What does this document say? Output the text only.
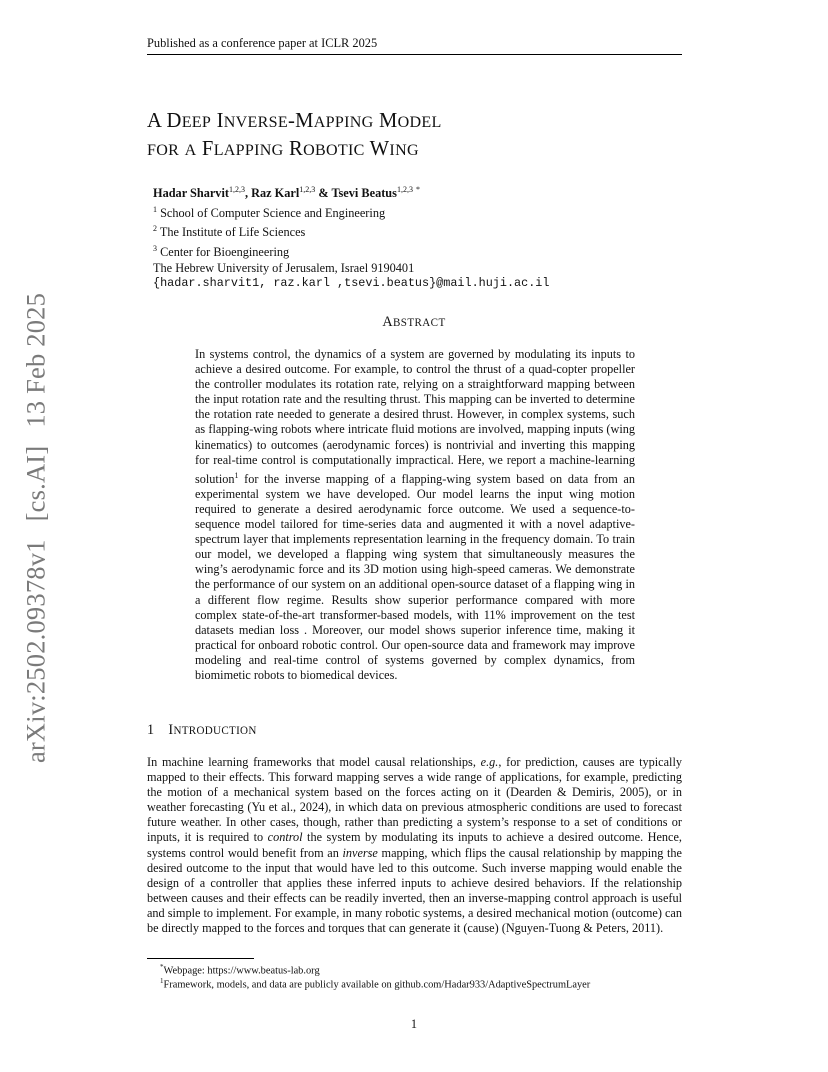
Published as a conference paper at ICLR 2025
arXiv:2502.09378v1[cs.AI]13 Feb 2025
A DEEP INVERSE-MAPPING MODEL
FOR A FLAPPING ROBOTIC WING
Hadar Sharvit$^{1,2,3}$, Raz Karl$^{1,2,3}$ & Tsevi Beatus$^{1,2,3}$ *
$^1$ School of Computer Science and Engineering
$^2$ The Institute of Life Sciences
$^3$ Center for Bioengineering
The Hebrew University of Jerusalem, Israel 9190401
{hadar.sharvit1, raz.karl ,tsevi.beatus}@mail.huji.ac.il
ABSTRACT
In systems control, the dynamics of a system are governed by modulating its inputs to achieve a desired outcome. For example, to control the thrust of a quad-copter propeller the controller modulates its rotation rate, relying on a straightforward mapping between the input rotation rate and the resulting thrust. This mapping can be inverted to determine the rotation rate needed to generate a desired thrust. However, in complex systems, such as flapping-wing robots where intricate fluid motions are involved, mapping inputs (wing kinematics) to outcomes (aerodynamic forces) is nontrivial and inverting this mapping for real-time control is computationally impractical. Here, we report a machine-learning solution$^1$ for the inverse mapping of a flapping-wing system based on data from an experimental system we have developed. Our model learns the input wing motion required to generate a desired aerodynamic force outcome. We used a sequence-to-sequence model tailored for time-series data and augmented it with a novel adaptive-spectrum layer that implements representation learning in the frequency domain. To train our model, we developed a flapping wing system that simultaneously measures the wing’s aerodynamic force and its 3D motion using high-speed cameras. We demonstrate the performance of our system on an additional open-source dataset of a flapping wing in a different flow regime. Results show superior performance compared with more complex state-of-the-art transformer-based models, with 11% improvement on the test datasets median loss . Moreover, our model shows superior inference time, making it practical for onboard robotic control. Our open-source data and framework may improve modeling and real-time control of systems governed by complex dynamics, from biomimetic robots to biomedical devices.
1 INTRODUCTION
In machine learning frameworks that model causal relationships, e.g., for prediction, causes are typically mapped to their effects. This forward mapping serves a wide range of applications, for example, predicting the motion of a mechanical system based on the forces acting on it (Dearden & Demiris, 2005), or in weather forecasting (Yu et al., 2024), in which data on previous atmospheric conditions are used to forecast future weather. In other cases, though, rather than predicting a system’s response to a set of conditions or inputs, it is required to control the system by modulating its inputs to achieve a desired outcome. Hence, systems control would benefit from an inverse mapping, which flips the causal relationship by mapping the desired outcome to the input that would have led to this outcome. Such inverse mapping would enable the design of a controller that applies these inferred inputs to achieve desired behaviors. If the relationship between causes and their effects can be readily inverted, then an inverse-mapping control approach is useful and simple to implement. For example, in many robotic systems, a desired mechanical motion (outcome) can be directly mapped to the forces and torques that can generate it (cause) (Nguyen-Tuong & Peters, 2011).
*Webpage: https://www.beatus-lab.org
$^1$Framework, models, and data are publicly available on github.com/Hadar933/AdaptiveSpectrumLayer
1
